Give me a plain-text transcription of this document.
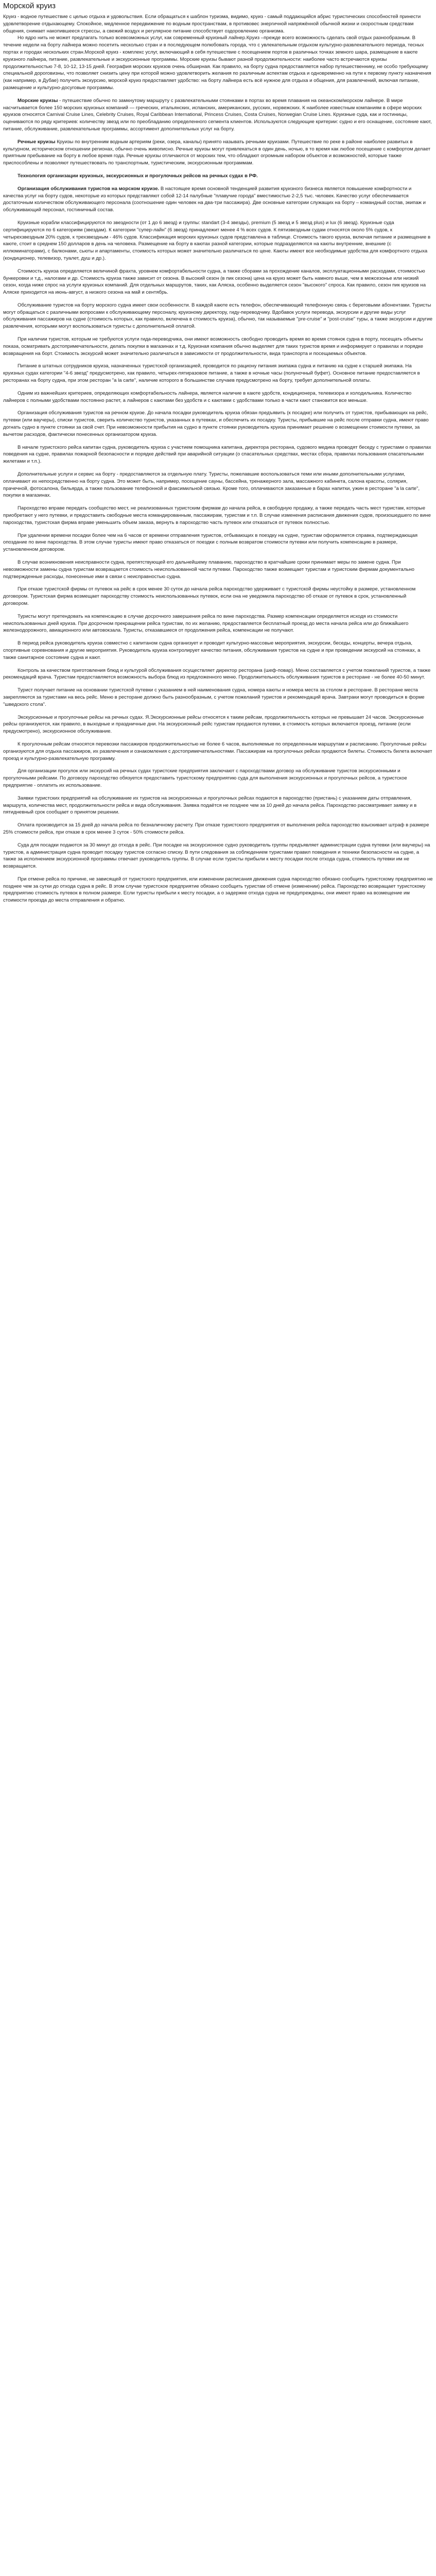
Морской круиз

Круиз - водное путешествие с целью отдыха и удовольствия. Если обращаться к шаблон туризма, видимо, круиз - самый поддающийся абрис туристических способностей принести удовлетворение отдыхающему. Спокойное, медленное передвижение по водным пространствам, в противовес энергичной напряжённой обычной жизни и скоростным средствам общения, снимает накопившееся стрессы, а свежий воздух и регулярное питание способствует оздоровлению организма.

Но ядро нить не может предлагать только всевозможных услуг, как современный круизный лайнер.Круиз –прежде всего возможность сделать свой отдых разнообразным. В течение недели на борту лайнера можно посетить несколько стран и в последующем полюбовать города, что с увлекательным отдыхом культурно-развлекательного периода, тесных портах и городах нескольких стран.Морской круиз - комплекс услуг, включающий в себя путешествие с посещением портов в различных точках земного шара, размещение в каюте круизного лайнера, питание, развлекательные и экскурсионные программы. Морские круизы бывают разной продолжительности: наиболее часто встречаются круизы продолжительностью 7-8, 10-12, 13-15 дней. География морских круизов очень обширная. Как правило, на борту судна предоставляется набор путешественнику, не особо требующему специальной дороговизны, что позволяет снизить цену при которой можно удовлетворить желания по различным аспектам отдыха и одновременно на пути к первому пункту назначения (как например, в Дубае) получить экскурсию, морской круиз предоставляет удобство: на борту лайнера есть всё нужное для отдыха и общения, для развлечений, включая питание, размещение и культурно-досуговые программы.

Морские круизы - путешествие обычно по замкнутому маршруту с развлекательными стоянками в портах во время плавания на океанском/морском лайнере. В мире насчитывается более 150 морских круизных компаний — греческих, итальянских, испанских, американских, русских, норвежских. К наиболее известным компаниям в сфере морских круизов относятся Carnival Cruise Lines, Celebrity Cruises, Royal Caribbean International, Princess Cruises, Costa Cruises, Norwegian Cruise Lines. Круизные суда, как и гостиницы, оцениваются по ряду критериев: количеству звезд или по преобладанию определенного сегмента клиентов. Используются следующие критерии: судно и его оснащение, состояние кают, питание, обслуживание, развлекательные программы, ассортимент дополнительных услуг на борту.

Речные круизы Круизы по внутренним водным артериям (реки, озера, каналы) принято называть речными круизами. Путешествие по реке в районе наиболее развитых в культурном, историческом отношении регионах, обычно очень живописно. Речные круизы могут привлекаться в один день, ночью, в то время как любое посещение с комфортом делает приятным пребывание на борту в любое время года. Речные круизы отличаются от морских тем, что обладают огромным набором объектов и возможностей, которые также приспособлены и позволяют путешествовать по транспортным, туристическим, экскурсионным программам.

Технология организации круизных, экскурсионных и прогулочных рейсов на речных судах в РФ.

Организация обслуживания туристов на морском круизе. В настоящее время основной тенденцией развития круизного бизнеса является повышение комфортности и качества услуг на борту судов, некоторые из которых представляют собой 12-14 палубные "плавучие города" вместимостью 2-2,5 тыс. человек. Качество услуг обеспечивается достаточным количеством обслуживающего персонала (соотношение один человек на два-три пассажира). Две основные категории служащих на борту – командный состав, экипаж и обслуживающий персонал, гостиничный состав.

Круизные корабли классифицируются по звездности (от 1 до 6 звезд) и группы: standart (3-4 звезды), premium (5 звезд и 5 звезд plus) и lux (6 звезд). Круизные суда сертифицируются по 6 категориям (звездам). К категории "супер-лайн" (6 звезд) принадлежит менее 4 % всех судов. К пятизвездным судам относятся около 5% судов, к четырехзвездным 20% судов, к трехзвездным - 46% судов. Классификация морских круизных судов представлена в таблице. Стоимость такого круиза, включая питание и размещение в каюте, стоит в среднем 150 долларов в день на человека. Размещение на борту в каютах разной категории, которые подразделяются на каюты внутренние, внешние (с иллюминаторами), с балконами, сьюты и апартаменты, стоимость которых может значительно различаться по цене. Каюты имеют все необходимые удобства для комфортного отдыха (кондиционер, телевизор, туалет, душ и др.).

Стоимость круиза определяется величиной фрахта, уровнем комфортабельности судна, а также сборами за прохождение каналов, эксплуатационными расходами, стоимостью бункеровки и т.д., налогами и др. Стоимость круиза также зависит от сезона. В высокий сезон (в пик сезона) цена на круиз может быть намного выше, чем в межсезонье или низкий сезон, когда ниже спрос на услуги круизных компаний. Для отдельных маршрутов, таких, как Аляска, особенно выделяется сезон "высокого" спроса. Как правило, сезон пик круизов на Аляске приходится на июнь-август, а низкого сезона на май и сентябрь.

Обслуживание туристов на борту морского судна имеет свои особенности. В каждой каюте есть телефон, обеспечивающий телефонную связь с береговыми абонентами. Туристы могут обращаться с различными вопросами к обслуживающему персоналу, круизному директору, гиду-переводчику. Вдобавок услуги перевода, экскурсии и другие виды услуг обслуживания пассажиров на судне (стоимость которых, как правило, включена в стоимость круиза), обычно, так называемые "pre-cruise" и "post-cruise" туры, а также экскурсии и другие развлечения, которыми могут воспользоваться туристы с дополнительной оплатой.

При наличии туристов, которым не требуются услуги гида-переводчика, они имеют возможность свободно проводить время во время стоянок судна в порту, посещать объекты показа, осматривать достопримечательности, делать покупки в магазинах и т.д. Круизная компания обычно выделяет для таких туристов время и информирует о правилах и порядке возвращения на борт. Стоимость экскурсий может значительно различаться в зависимости от продолжительности, вида транспорта и посещаемых объектов.

Питание в штатных сотрудников круиза, назначенных туристской организацией, проводится по рациону питания экипажа судна и питанию на судне к старшей экипажа. На круизных судах категории "4-6 звезд" предусмотрено, как правило, четырех-пятиразовое питание, а также в ночные часы (полуночный буфет). Основное питание предоставляется в ресторанах на борту судна, при этом ресторан "a la carte", наличие которого в большинстве случаев предусмотрено на борту, требует дополнительной оплаты.

Одним из важнейших критериев, определяющих комфортабельность лайнера, является наличие в каюте удобств, кондиционера, телевизора и холодильника. Количество лайнеров с полными удобствами постоянно растет, а лайнеров с каютами без удобств и с каютами с удобствами только в части кают становится все меньше.

Организация обслуживания туристов на речном круизе. До начала посадки руководитель круиза обязан предъявить (к посадке) или получить от туристов, прибывающих на рейс, путевки (или ваучеры), списки туристов, сверить количество туристов, указанных в путевках, и обеспечить их посадку. Туристы, прибывшие на рейс после отправки судна, имеют право догнать судно в пункте стоянки за свой счет. При невозможности прибытия на судно в пункте стоянки руководитель круиза принимает решение о возмещении стоимости путевки, за вычетом расходов, фактически понесенных организатором круиза.

В начале туристского рейса капитан судна, руководитель круиза с участием помощника капитана, директора ресторана, судового медика проводят беседу с туристами о правилах поведения на судне, правилах пожарной безопасности и порядке действий при аварийной ситуации (о спасательных средствах, местах сбора, правилах пользования спасательными жилетами и т.п.).

Дополнительные услуги и сервис на борту - предоставляются за отдельную плату. Туристы, пожелавшие воспользоваться теми или иными дополнительными услугами, оплачивают их непосредственно на борту судна. Это может быть, например, посещение сауны, бассейна, тренажерного зала, массажного кабинета, салона красоты, солярия, прачечной, фотосалона, бильярда, а также пользование телефонной и факсимильной связью. Кроме того, оплачиваются заказанные в барах напитки, ужин в ресторане "a la carte", покупки в магазинах.

Пароходство вправе передать сообщество мест, не реализованных туристским фирмам до начала рейса, в свободную продажу, а также передать часть мест туристам, которые приобретают у него путевки, и предоставить свободные места командированным, пассажирам, туристам и т.п. В случае изменения расписания движения судов, произошедшего по вине пароходства, туристская фирма вправе уменьшить объем заказа, вернуть в пароходство часть путевок или отказаться от путевок полностью.

При удалении времени посадки более чем на 6 часов от времени отправления туристов, отбывающих в поездку на судне, туристам оформляется справка, подтверждающая опоздание по вине пароходства. В этом случае туристы имеют право отказаться от поездки с полным возвратом стоимости путевки или получить компенсацию в размере, установленном договором.

В случае возникновения неисправности судна, препятствующей его дальнейшему плаванию, пароходство в кратчайшие сроки принимает меры по замене судна. При невозможности замены судна туристам возвращается стоимость неиспользованной части путевки. Пароходство также возмещает туристам и туристским фирмам документально подтвержденные расходы, понесенные ими в связи с неисправностью судна.

При отказе туристской фирмы от путевок на рейс в срок менее 30 суток до начала рейса пароходство удерживает с туристской фирмы неустойку в размере, установленном договором. Туристская фирма возмещает пароходству стоимость неиспользованных путевок, если она не уведомила пароходство об отказе от путевок в срок, установленный договором.

Туристы могут претендовать на компенсацию в случае досрочного завершения рейса по вине пароходства. Размер компенсации определяется исходя из стоимости неиспользованных дней круиза. При досрочном прекращении рейса туристам, по их желанию, предоставляется бесплатный проезд до места начала рейса или до ближайшего железнодорожного, авиационного или автовокзала. Туристы, отказавшиеся от продолжения рейса, компенсации не получают.

В период рейса руководитель круиза совместно с капитаном судна организует и проводит культурно-массовые мероприятия, экскурсии, беседы, концерты, вечера отдыха, спортивные соревнования и другие мероприятия. Руководитель круиза контролирует качество питания, обслуживания туристов на судне и при проведении экскурсий на стоянках, а также санитарное состояние судна и кают.

Контроль за качеством приготовления блюд и культурой обслуживания осуществляет директор ресторана (шеф-повар). Меню составляется с учетом пожеланий туристов, а также рекомендаций врача. Туристам предоставляется возможность выбора блюд из предложенного меню. Продолжительность обслуживания туристов в ресторане - не более 40-50 минут.

Турист получает питание на основании туристской путевки с указанием в ней наименования судна, номера каюты и номера места за столом в ресторане. В ресторане места закрепляются за туристами на весь рейс. Меню в ресторане должно быть разнообразным, с учетом пожеланий туристов и рекомендаций врача. Завтраки могут проводиться в форме "шведского стола".

Экскурсионные и прогулочные рейсы на речных судах. Я.Экскурсионные рейсы относятся к таким рейсам, продолжительность которых не превышает 24 часов. Экскурсионные рейсы организуются, как правило, в выходные и праздничные дни. На экскурсионный рейс туристам продаются путевки, в стоимость которых включается проезд, питание (если предусмотрено), экскурсионное обслуживание.

К прогулочным рейсам относятся перевозки пассажиров продолжительностью не более 6 часов, выполняемые по определенным маршрутам и расписанию. Прогулочные рейсы организуются для отдыха пассажиров, их развлечения и ознакомления с достопримечательностями. Пассажирам на прогулочных рейсах продаются билеты. Стоимость билета включает проезд и культурно-развлекательную программу.

Для организации прогулок или экскурсий на речных судах туристские предприятия заключают с пароходствами договор на обслуживание туристов экскурсионными и прогулочными рейсами. По договору пароходство обязуется предоставить туристскому предприятию суда для выполнения экскурсионных и прогулочных рейсов, а туристское предприятие - оплатить их использование.

Заявки туристских предприятий на обслуживание их туристов на экскурсионных и прогулочных рейсах подаются в пароходство (пристань) с указанием даты отправления, маршрута, количества мест, продолжительности рейса и вида обслуживания. Заявка подаётся не позднее чем за 10 дней до начала рейса. Пароходство рассматривает заявку и в пятидневный срок сообщает о принятом решении.

Оплата производится за 15 дней до начала рейса по безналичному расчету. При отказе туристского предприятия от выполнения рейса пароходство взыскивает штраф в размере 25% стоимости рейса, при отказе в срок менее 3 суток - 50% стоимости рейса.

Суда для посадки подаются за 30 минут до отхода в рейс. При посадке на экскурсионное судно руководитель группы предъявляет администрации судна путевки (или ваучеры) на туристов, а администрация судна проводит посадку туристов согласно списку. В пути следования за соблюдением туристами правил поведения и техники безопасности на судне, а также за исполнением экскурсионной программы отвечает руководитель группы. В случае если туристы прибыли к месту посадки после отхода судна, стоимость путевки им не возвращается.

При отмене рейса по причине, не зависящей от туристского предприятия, или изменении расписания движения судна пароходство обязано сообщить туристскому предприятию не позднее чем за сутки до отхода судна в рейс. В этом случае туристское предприятие обязано сообщить туристам об отмене (изменении) рейса. Пароходство возвращает туристскому предприятию стоимость путевок в полном размере. Если туристы прибыли к месту посадки, а о задержке отхода судна не предупреждены, они имеют право на возмещение им стоимости проезда до места отправления и обратно.
